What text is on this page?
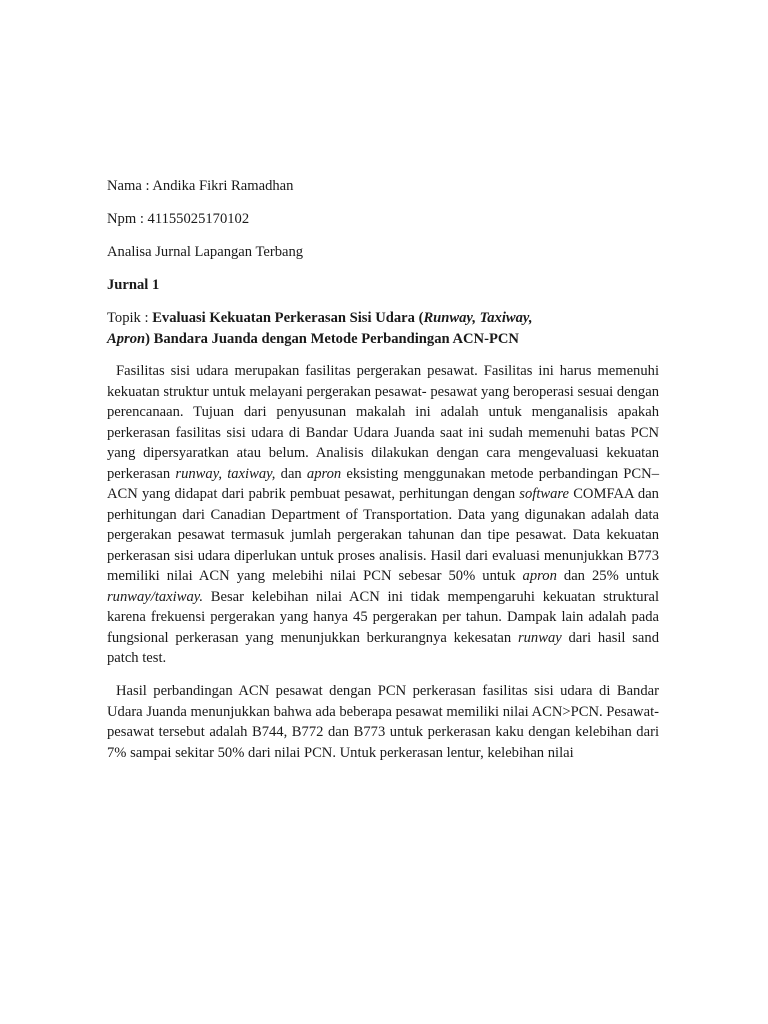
Nama : Andika Fikri Ramadhan
Npm : 41155025170102
Analisa Jurnal Lapangan Terbang
Jurnal 1
Topik : Evaluasi Kekuatan Perkerasan Sisi Udara (Runway, Taxiway,
Apron) Bandara Juanda dengan Metode Perbandingan ACN-PCN

Fasilitas sisi udara merupakan fasilitas pergerakan pesawat. Fasilitas ini harus memenuhi kekuatan struktur untuk melayani pergerakan pesawat- pesawat yang beroperasi sesuai dengan perencanaan. Tujuan dari penyusunan makalah ini adalah untuk menganalisis apakah perkerasan fasilitas sisi udara di Bandar Udara Juanda saat ini sudah memenuhi batas PCN yang dipersyaratkan atau belum. Analisis dilakukan dengan cara mengevaluasi kekuatan perkerasan runway, taxiway, dan apron eksisting menggunakan metode perbandingan PCN–ACN yang didapat dari pabrik pembuat pesawat, perhitungan dengan software COMFAA dan perhitungan dari Canadian Department of Transportation. Data yang digunakan adalah data pergerakan pesawat termasuk jumlah pergerakan tahunan dan tipe pesawat. Data kekuatan perkerasan sisi udara diperlukan untuk proses analisis. Hasil dari evaluasi menunjukkan B773 memiliki nilai ACN yang melebihi nilai PCN sebesar 50% untuk apron dan 25% untuk runway/taxiway. Besar kelebihan nilai ACN ini tidak mempengaruhi kekuatan struktural karena frekuensi pergerakan yang hanya 45 pergerakan per tahun. Dampak lain adalah pada fungsional perkerasan yang menunjukkan berkurangnya kekesatan runway dari hasil sand patch test.

Hasil perbandingan ACN pesawat dengan PCN perkerasan fasilitas sisi udara di Bandar Udara Juanda menunjukkan bahwa ada beberapa pesawat memiliki nilai ACN>PCN. Pesawat-pesawat tersebut adalah B744, B772 dan B773 untuk perkerasan kaku dengan kelebihan dari 7% sampai sekitar 50% dari nilai PCN. Untuk perkerasan lentur, kelebihan nilai
